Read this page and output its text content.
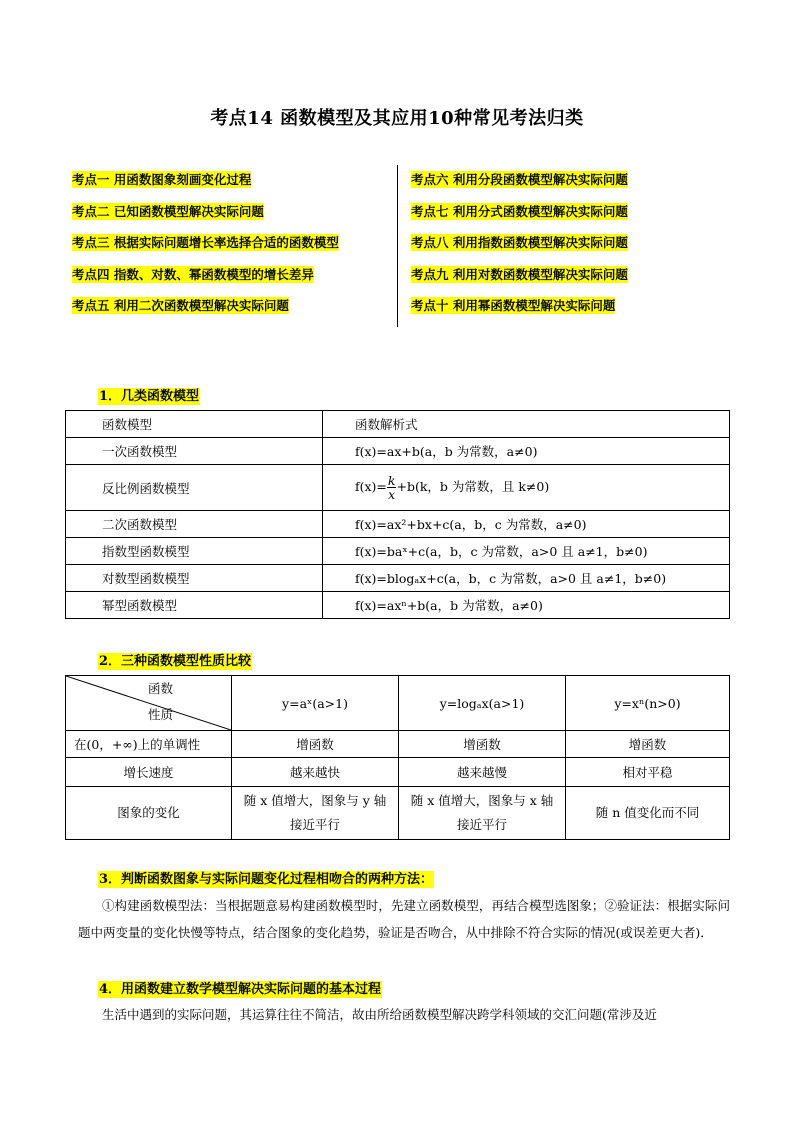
考点14 函数模型及其应用10种常见考法归类
考点一 用函数图象刻画变化过程
考点二 已知函数模型解决实际问题
考点三 根据实际问题增长率选择合适的函数模型
考点四 指数、对数、幂函数模型的增长差异
考点五 利用二次函数模型解决实际问题
考点六 利用分段函数模型解决实际问题
考点七 利用分式函数模型解决实际问题
考点八 利用指数函数模型解决实际问题
考点九 利用对数函数模型解决实际问题
考点十 利用幂函数模型解决实际问题
1．几类函数模型
函数模型	函数解析式
一次函数模型	f(x)=ax+b(a，b 为常数，a≠0)
反比例函数模型	$f(x)= \frac{k}{x} +b(k$，b 为常数，且 k≠0)
二次函数模型	f(x)=ax²+bx+c(a，b，c 为常数，a≠0)
指数型函数模型	f(x)=baˣ+c(a，b，c 为常数，a>0 且 a≠1，b≠0)
对数型函数模型	f(x)=blogₐx+c(a，b，c 为常数，a>0 且 a≠1，b≠0)
幂型函数模型	f(x)=axⁿ+b(a，b 为常数，a≠0)
2．三种函数模型性质比较
函数
性质	y=aˣ(a>1)	y=logₐx(a>1)	y=xⁿ(n>0)
在(0，+∞)上的单调性	增函数	增函数	增函数
增长速度	越来越快	越来越慢	相对平稳
图象的变化	随 x 值增大，图象与 y 轴接近平行	随 x 值增大，图象与 x 轴接近平行	随 n 值变化而不同
3．判断函数图象与实际问题变化过程相吻合的两种方法：
①构建函数模型法：当根据题意易构建函数模型时，先建立函数模型，再结合模型选图象；②验证法：根据实际问题中两变量的变化快慢等特点，结合图象的变化趋势，验证是否吻合，从中排除不符合实际的情况(或误差更大者)．
4．用函数建立数学模型解决实际问题的基本过程
生活中遇到的实际问题，其运算往往不简洁，故由所给函数模型解决跨学科领域的交汇问题(常涉及近
